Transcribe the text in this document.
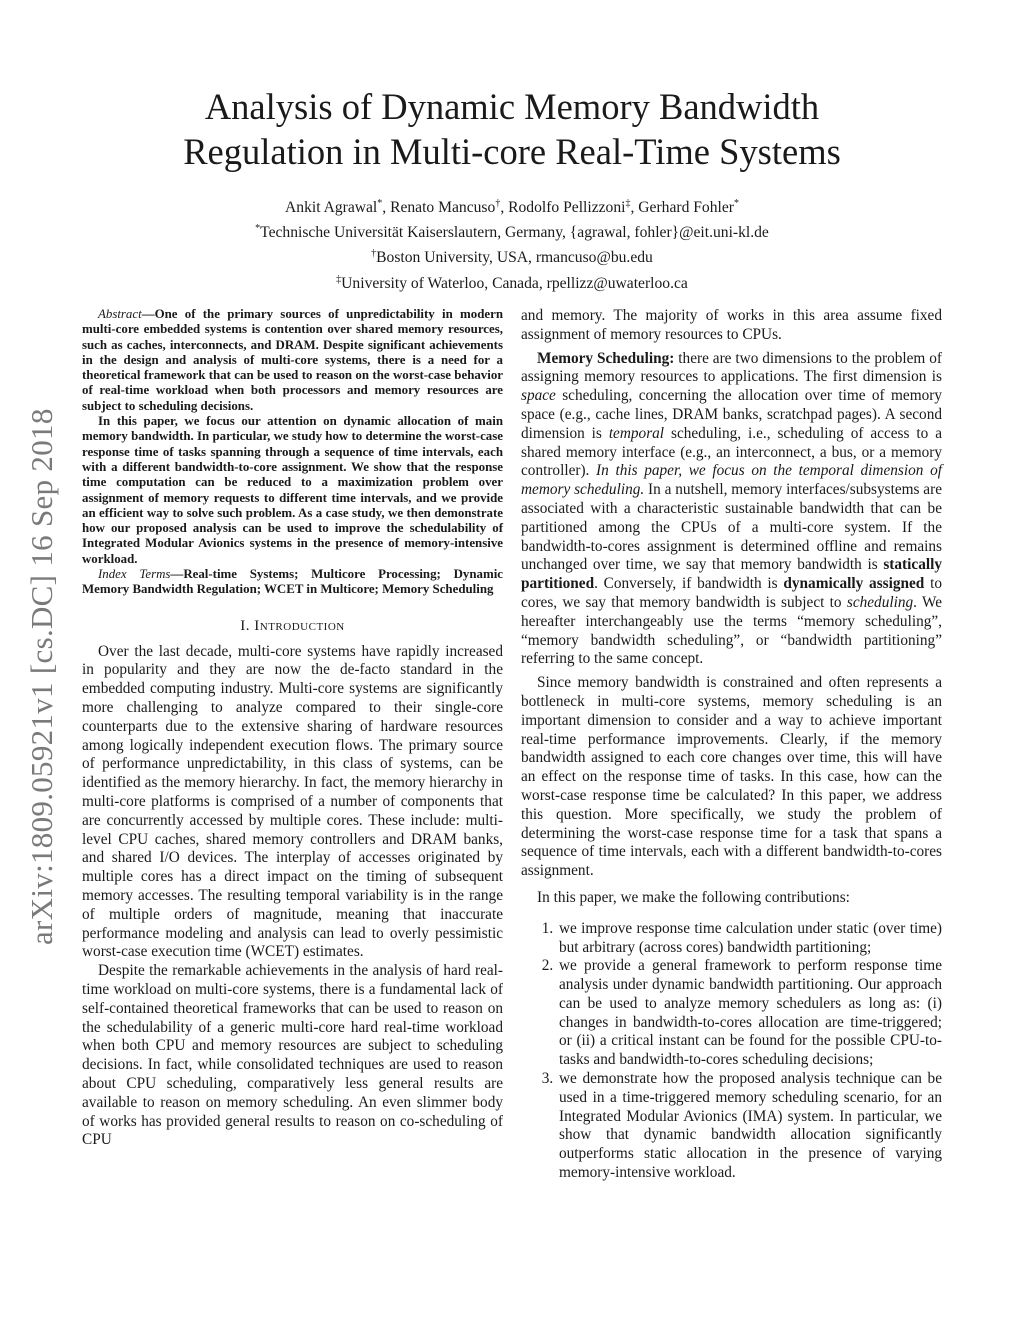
arXiv:1809.05921v1 [cs.DC] 16 Sep 2018
Analysis of Dynamic Memory Bandwidth
Regulation in Multi-core Real-Time Systems
Ankit Agrawal*, Renato Mancuso†, Rodolfo Pellizzoni‡, Gerhard Fohler*
*Technische Universität Kaiserslautern, Germany, {agrawal, fohler}@eit.uni-kl.de
†Boston University, USA, rmancuso@bu.edu
‡University of Waterloo, Canada, rpellizz@uwaterloo.ca

Abstract—One of the primary sources of unpredictability in modern multi-core embedded systems is contention over shared memory resources, such as caches, interconnects, and DRAM. Despite significant achievements in the design and analysis of multi-core systems, there is a need for a theoretical framework that can be used to reason on the worst-case behavior of real-time workload when both processors and memory resources are subject to scheduling decisions.

In this paper, we focus our attention on dynamic allocation of main memory bandwidth. In particular, we study how to determine the worst-case response time of tasks spanning through a sequence of time intervals, each with a different bandwidth-to-core assignment. We show that the response time computation can be reduced to a maximization problem over assignment of memory requests to different time intervals, and we provide an efficient way to solve such problem. As a case study, we then demonstrate how our proposed analysis can be used to improve the schedulability of Integrated Modular Avionics systems in the presence of memory-intensive workload.

Index Terms—Real-time Systems; Multicore Processing; Dynamic Memory Bandwidth Regulation; WCET in Multicore; Memory Scheduling

I. Introduction

Over the last decade, multi-core systems have rapidly increased in popularity and they are now the de-facto standard in the embedded computing industry. Multi-core systems are significantly more challenging to analyze compared to their single-core counterparts due to the extensive sharing of hardware resources among logically independent execution flows. The primary source of performance unpredictability, in this class of systems, can be identified as the memory hierarchy. In fact, the memory hierarchy in multi-core platforms is comprised of a number of components that are concurrently accessed by multiple cores. These include: multi-level CPU caches, shared memory controllers and DRAM banks, and shared I/O devices. The interplay of accesses originated by multiple cores has a direct impact on the timing of subsequent memory accesses. The resulting temporal variability is in the range of multiple orders of magnitude, meaning that inaccurate performance modeling and analysis can lead to overly pessimistic worst-case execution time (WCET) estimates.

Despite the remarkable achievements in the analysis of hard real-time workload on multi-core systems, there is a fundamental lack of self-contained theoretical frameworks that can be used to reason on the schedulability of a generic multi-core hard real-time workload when both CPU and memory resources are subject to scheduling decisions. In fact, while consolidated techniques are used to reason about CPU scheduling, comparatively less general results are available to reason on memory scheduling. An even slimmer body of works has provided general results to reason on co-scheduling of CPU

and memory. The majority of works in this area assume fixed assignment of memory resources to CPUs.

Memory Scheduling: there are two dimensions to the problem of assigning memory resources to applications. The first dimension is space scheduling, concerning the allocation over time of memory space (e.g., cache lines, DRAM banks, scratchpad pages). A second dimension is temporal scheduling, i.e., scheduling of access to a shared memory interface (e.g., an interconnect, a bus, or a memory controller). In this paper, we focus on the temporal dimension of memory scheduling. In a nutshell, memory interfaces/subsystems are associated with a characteristic sustainable bandwidth that can be partitioned among the CPUs of a multi-core system. If the bandwidth-to-cores assignment is determined offline and remains unchanged over time, we say that memory bandwidth is statically partitioned. Conversely, if bandwidth is dynamically assigned to cores, we say that memory bandwidth is subject to scheduling. We hereafter interchangeably use the terms “memory scheduling”, “memory bandwidth scheduling”, or “bandwidth partitioning” referring to the same concept.

Since memory bandwidth is constrained and often represents a bottleneck in multi-core systems, memory scheduling is an important dimension to consider and a way to achieve important real-time performance improvements. Clearly, if the memory bandwidth assigned to each core changes over time, this will have an effect on the response time of tasks. In this case, how can the worst-case response time be calculated? In this paper, we address this question. More specifically, we study the problem of determining the worst-case response time for a task that spans a sequence of time intervals, each with a different bandwidth-to-cores assignment.

In this paper, we make the following contributions:

1. we improve response time calculation under static (over time) but arbitrary (across cores) bandwidth partitioning;
2. we provide a general framework to perform response time analysis under dynamic bandwidth partitioning. Our approach can be used to analyze memory schedulers as long as: (i) changes in bandwidth-to-cores allocation are time-triggered; or (ii) a critical instant can be found for the possible CPU-to-tasks and bandwidth-to-cores scheduling decisions;
3. we demonstrate how the proposed analysis technique can be used in a time-triggered memory scheduling scenario, for an Integrated Modular Avionics (IMA) system. In particular, we show that dynamic bandwidth allocation significantly outperforms static allocation in the presence of varying memory-intensive workload.
